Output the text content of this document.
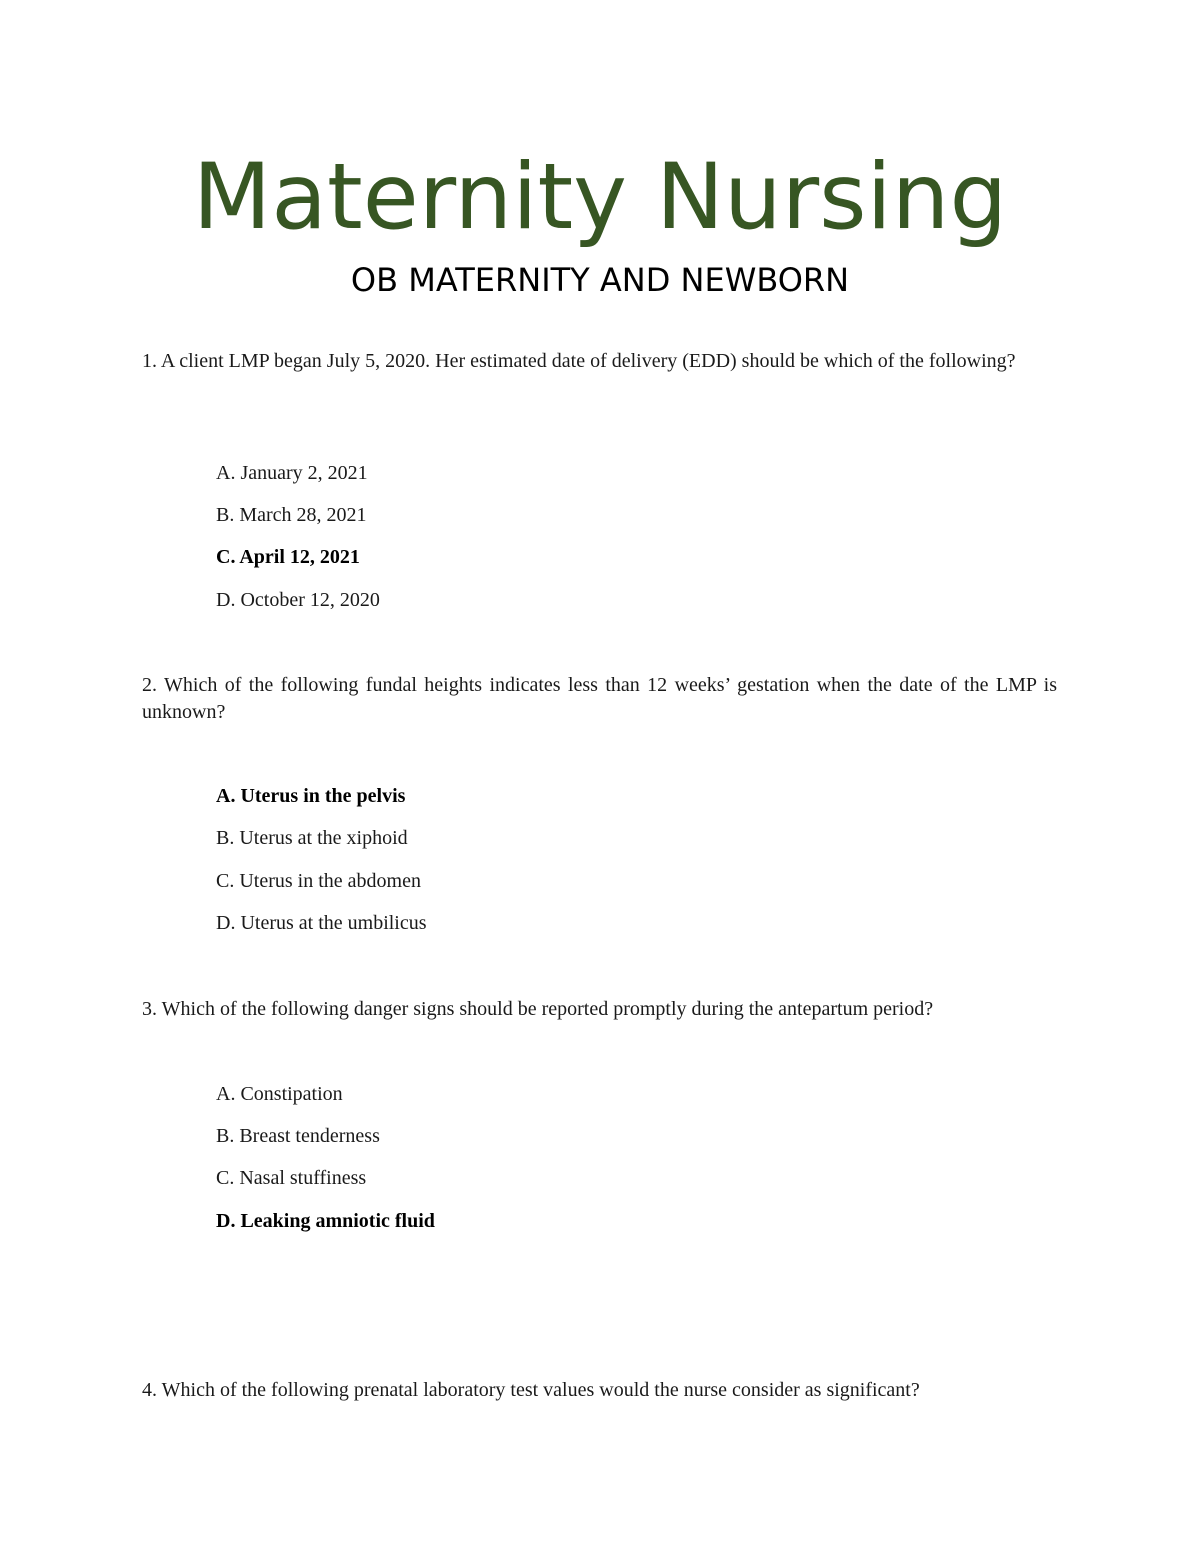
Maternity Nursing
OB MATERNITY AND NEWBORN
1. A client LMP began July 5, 2020. Her estimated date of delivery (EDD) should be which of the following?
A. January 2, 2021
B. March 28, 2021
C. April 12, 2021
D. October 12, 2020
2. Which of the following fundal heights indicates less than 12 weeks’ gestation when the date of the LMP is unknown?
A. Uterus in the pelvis
B. Uterus at the xiphoid
C. Uterus in the abdomen
D. Uterus at the umbilicus
3. Which of the following danger signs should be reported promptly during the antepartum period?
A. Constipation
B. Breast tenderness
C. Nasal stuffiness
D. Leaking amniotic fluid
4. Which of the following prenatal laboratory test values would the nurse consider as significant?
